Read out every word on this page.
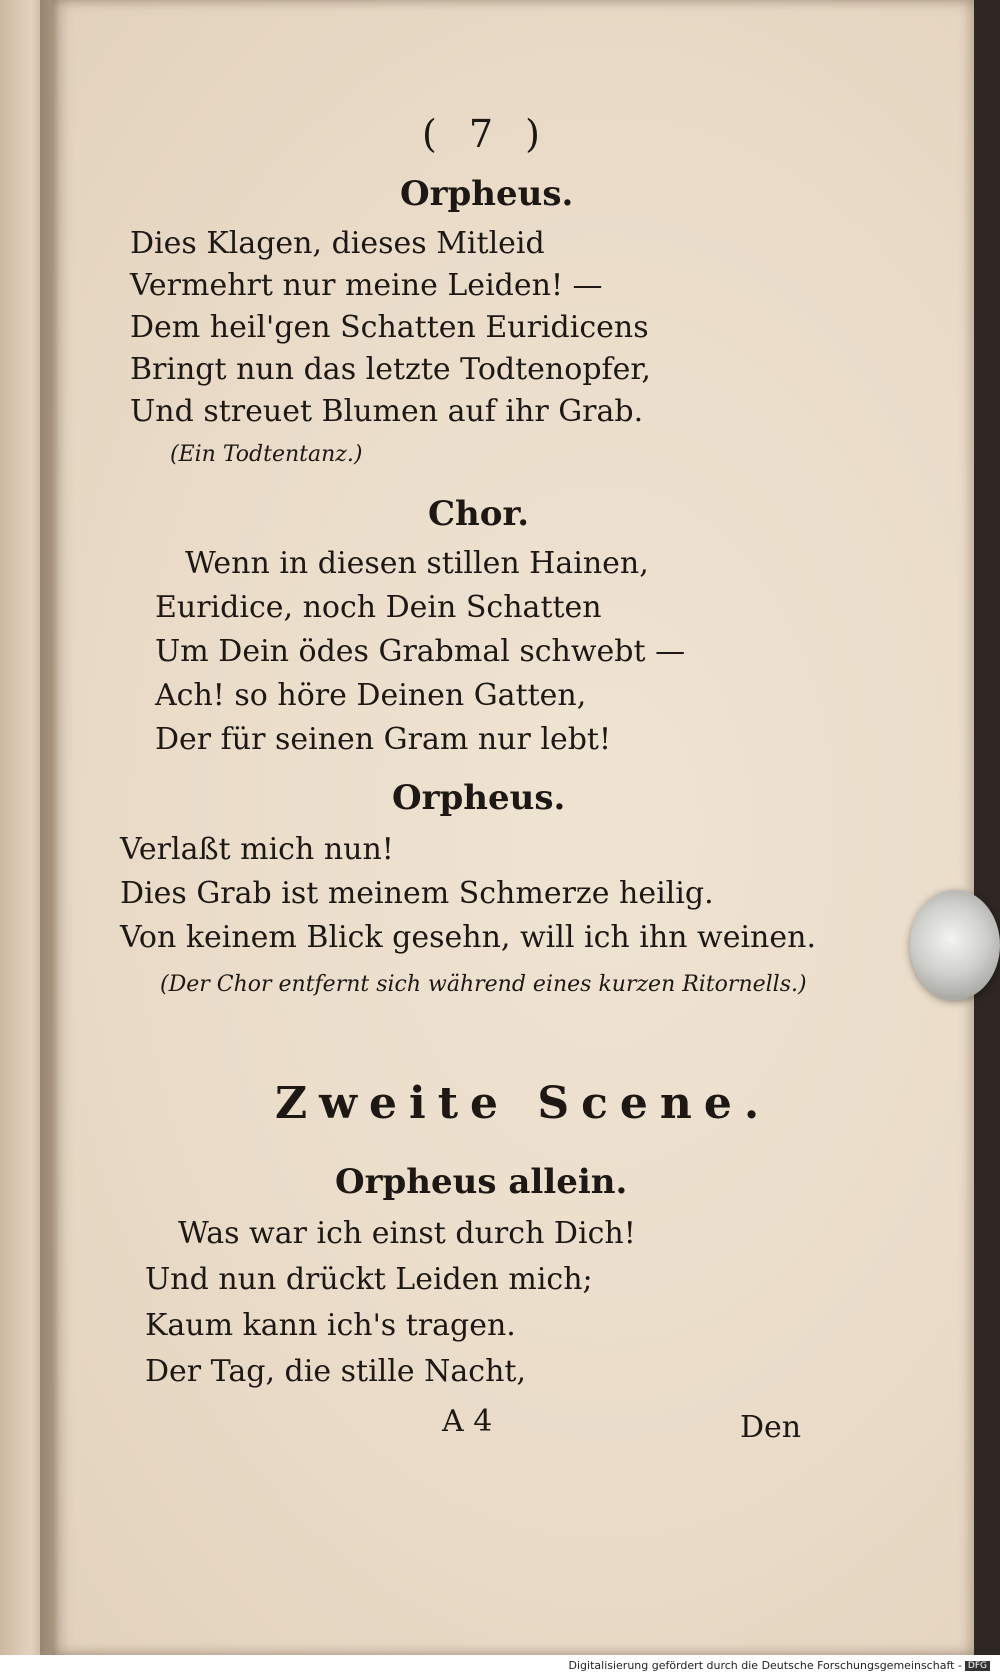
( 7 )
Orpheus.
Dies Klagen, dieses Mitleid
Vermehrt nur meine Leiden! —
Dem heil'gen Schatten Euridicens
Bringt nun das letzte Todtenopfer,
Und streuet Blumen auf ihr Grab.
(Ein Todtentanz.)
Chor.
Wenn in diesen stillen Hainen,
Euridice, noch Dein Schatten
Um Dein ödes Grabmal schwebt —
Ach! so höre Deinen Gatten,
Der für seinen Gram nur lebt!
Orpheus.
Verlaßt mich nun!
Dies Grab ist meinem Schmerze heilig.
Von keinem Blick gesehn, will ich ihn weinen.
(Der Chor entfernt sich während eines kurzen Ritornells.)
Zweite Scene.
Orpheus allein.
Was war ich einst durch Dich!
Und nun drückt Leiden mich;
Kaum kann ich's tragen.
Der Tag, die stille Nacht,
A 4	Den
Digitalisierung gefördert durch die Deutsche Forschungsgemeinschaft - DFG
